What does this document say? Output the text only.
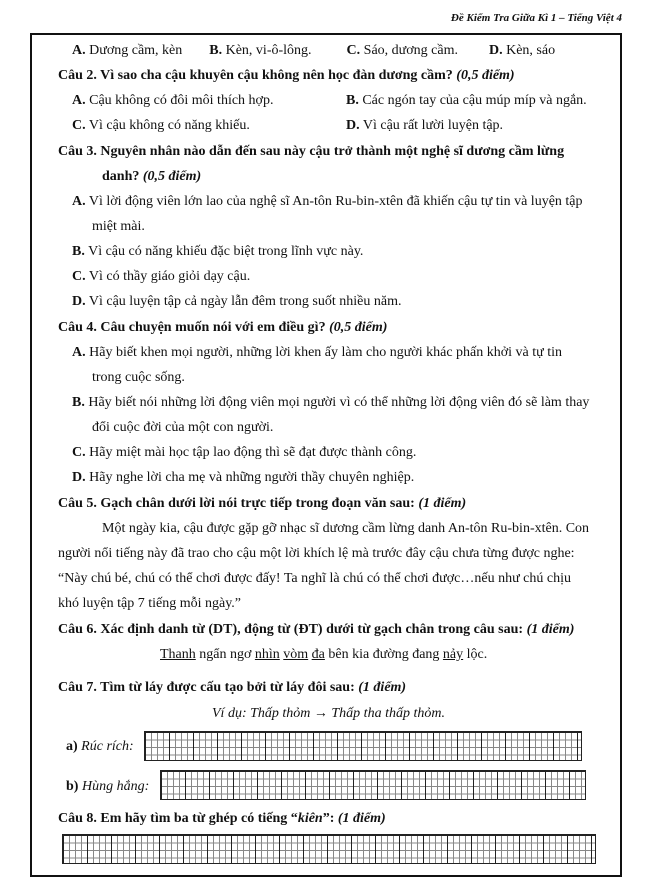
Đề Kiểm Tra Giữa Kì 1 – Tiếng Việt 4
A. Dương cầm, kèn B. Kèn, vi-ô-lông.	C. Sáo, dương cầm. D. Kèn, sáo
Câu 2. Vì sao cha cậu khuyên cậu không nên học đàn dương cầm? (0,5 điểm)
A. Cậu không có đôi môi thích hợp.	B. Các ngón tay của cậu múp míp và ngắn.
C. Vì cậu không có năng khiếu.	D. Vì cậu rất lười luyện tập.
Câu 3. Nguyên nhân nào dẫn đến sau này cậu trở thành một nghệ sĩ dương cầm lừng
danh? (0,5 điểm)
A. Vì lời động viên lớn lao của nghệ sĩ An-tôn Ru-bin-xtên đã khiến cậu tự tin và luyện tập
miệt mài.
B. Vì cậu có năng khiếu đặc biệt trong lĩnh vực này.
C. Vì có thầy giáo giỏi dạy cậu.
D. Vì cậu luyện tập cả ngày lẫn đêm trong suốt nhiều năm.
Câu 4. Câu chuyện muốn nói với em điều gì? (0,5 điểm)
A. Hãy biết khen mọi người, những lời khen ấy làm cho người khác phấn khởi và tự tin
trong cuộc sống.
B. Hãy biết nói những lời động viên mọi người vì có thể những lời động viên đó sẽ làm thay
đổi cuộc đời của một con người.
C. Hãy miệt mài học tập lao động thì sẽ đạt được thành công.
D. Hãy nghe lời cha mẹ và những người thầy chuyên nghiệp.
Câu 5. Gạch chân dưới lời nói trực tiếp trong đoạn văn sau: (1 điểm)
Một ngày kia, cậu được gặp gỡ nhạc sĩ dương cầm lừng danh An-tôn Ru-bin-xtên. Con
người nổi tiếng này đã trao cho cậu một lời khích lệ mà trước đây cậu chưa từng được nghe:
“Này chú bé, chú có thể chơi được đấy! Ta nghĩ là chú có thể chơi được…nếu như chú chịu
khó luyện tập 7 tiếng mỗi ngày.”
Câu 6. Xác định danh từ (DT), động từ (ĐT) dưới từ gạch chân trong câu sau: (1 điểm)
Thanh ngẩn ngơ nhìn vòm đa bên kia đường đang nảy lộc.
Câu 7. Tìm từ láy được cấu tạo bởi từ láy đôi sau: (1 điểm)
Ví dụ: Thấp thỏm → Thấp tha thấp thỏm.
a) Rúc rích:
b) Hùng hắng:
Câu 8. Em hãy tìm ba từ ghép có tiếng “kiên”: (1 điểm)
